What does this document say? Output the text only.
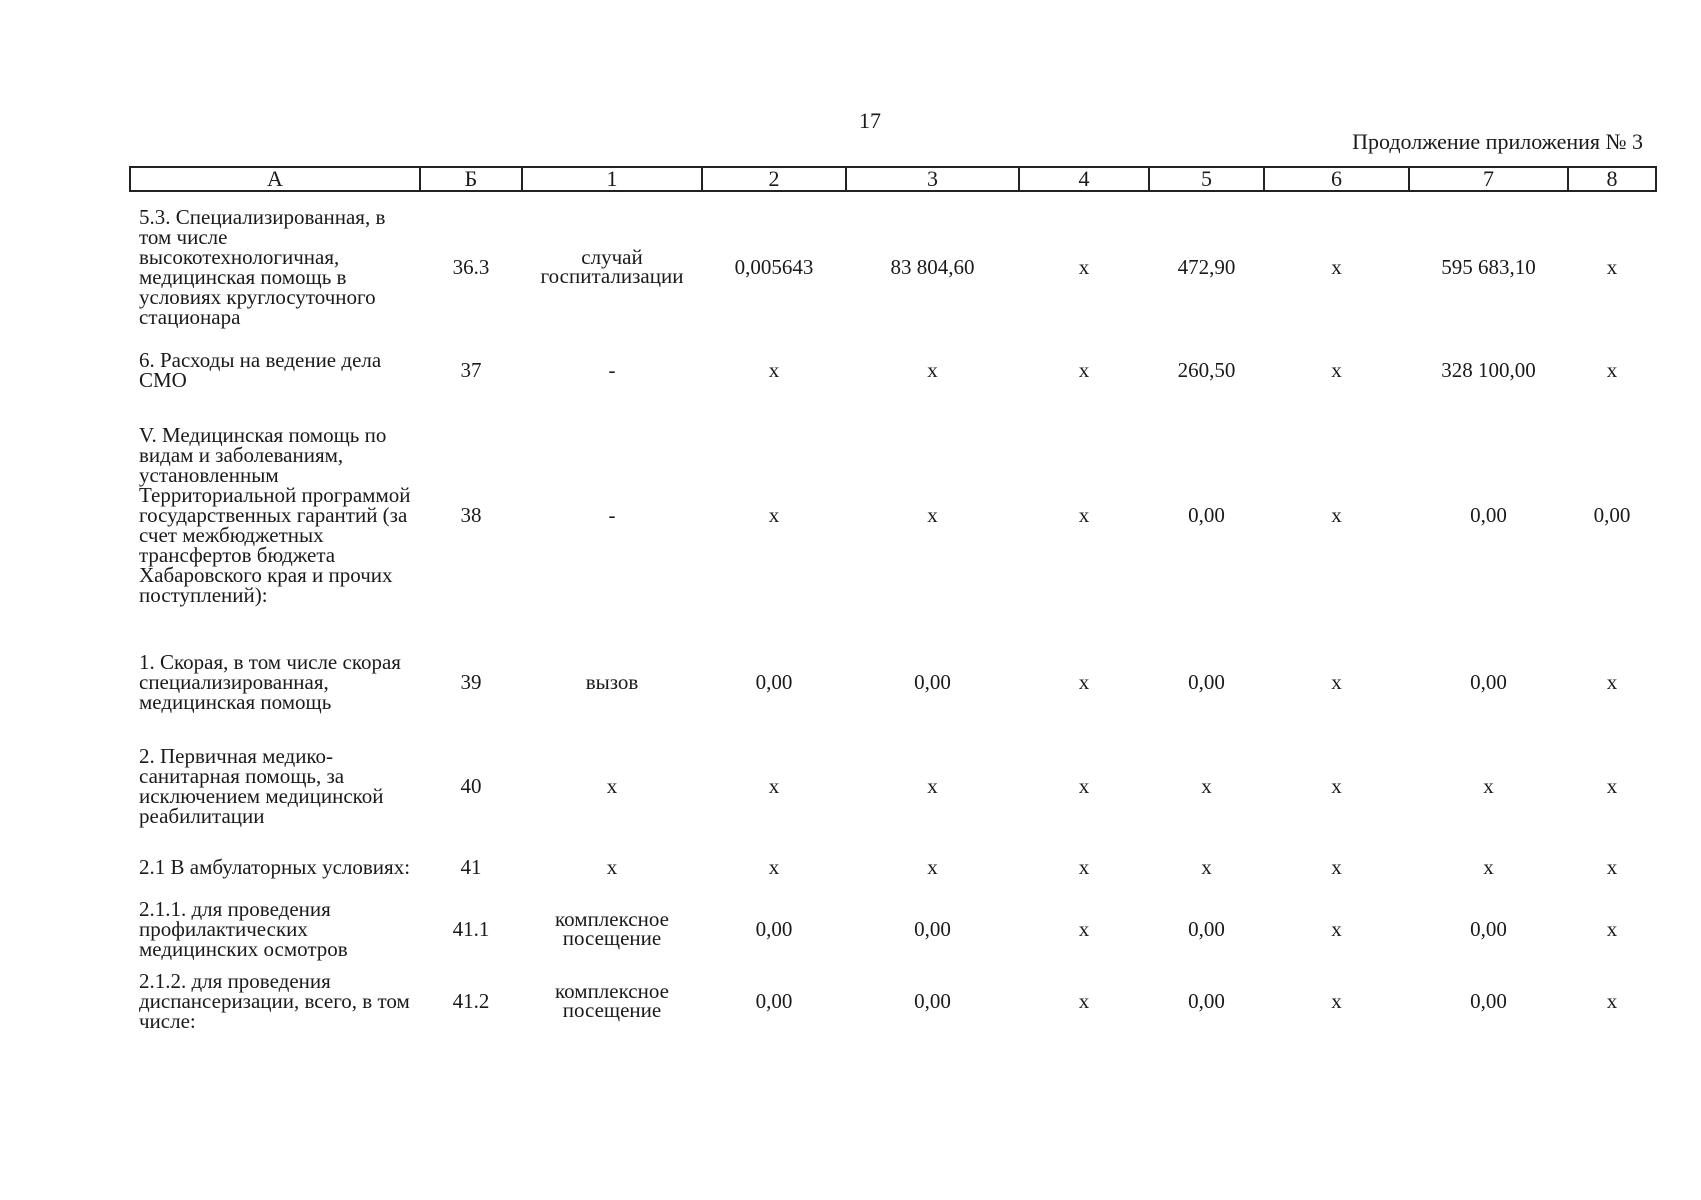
17
Продолжение приложения № 3
А	Б	1	2	3	4	5	6	7	8
5.3. Специализированная, в том числе высокотехнологичная, медицинская помощь в условиях круглосуточного стационара	36.3	случай госпитализации	0,005643	83 804,60	х	472,90	х	595 683,10	х
6. Расходы на ведение дела СМО	37	-	х	х	х	260,50	х	328 100,00	х
V. Медицинская помощь по видам и заболеваниям, установленным Территориальной программой государственных гарантий (за счет межбюджетных трансфертов бюджета Хабаровского края и прочих поступлений):	38	-	х	х	х	0,00	х	0,00	0,00
1. Скорая, в том числе скорая специализированная, медицинская помощь	39	вызов	0,00	0,00	х	0,00	х	0,00	х
2. Первичная медико-санитарная помощь, за исключением медицинской реабилитации	40	х	х	х	х	х	х	х	х
2.1 В амбулаторных условиях:	41	х	х	х	х	х	х	х	х
2.1.1. для проведения профилактических медицинских осмотров	41.1	комплексное посещение	0,00	0,00	х	0,00	х	0,00	х
2.1.2. для проведения диспансеризации, всего, в том числе:	41.2	комплексное посещение	0,00	0,00	х	0,00	х	0,00	х
